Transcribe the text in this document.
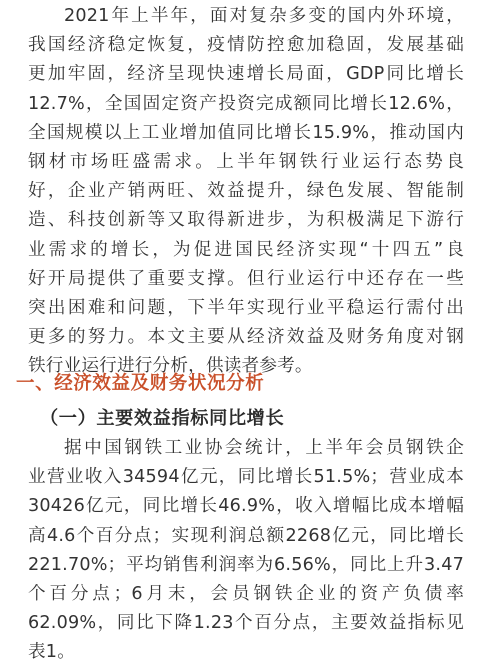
2021年上半年，面对复杂多变的国内外环境，
我国经济稳定恢复，疫情防控愈加稳固，发展基础
更加牢固，经济呈现快速增长局面，GDP同比增长
12.7%，全国固定资产投资完成额同比增长12.6%，
全国规模以上工业增加值同比增长15.9%，推动国内
钢材市场旺盛需求。上半年钢铁行业运行态势良
好，企业产销两旺、效益提升，绿色发展、智能制
造、科技创新等又取得新进步，为积极满足下游行
业需求的增长，为促进国民经济实现“十四五”良
好开局提供了重要支撑。但行业运行中还存在一些
突出困难和问题，下半年实现行业平稳运行需付出
更多的努力。本文主要从经济效益及财务角度对钢
铁行业运行进行分析，供读者参考。

一、经济效益及财务状况分析
（一）主要效益指标同比增长

据中国钢铁工业协会统计，上半年会员钢铁企
业营业收入34594亿元，同比增长51.5%；营业成本
30426亿元，同比增长46.9%，收入增幅比成本增幅
高4.6个百分点；实现利润总额2268亿元，同比增长
221.70%；平均销售利润率为6.56%，同比上升3.47
个百分点；6月末，会员钢铁企业的资产负债率
62.09%，同比下降1.23个百分点，主要效益指标见
表1。
